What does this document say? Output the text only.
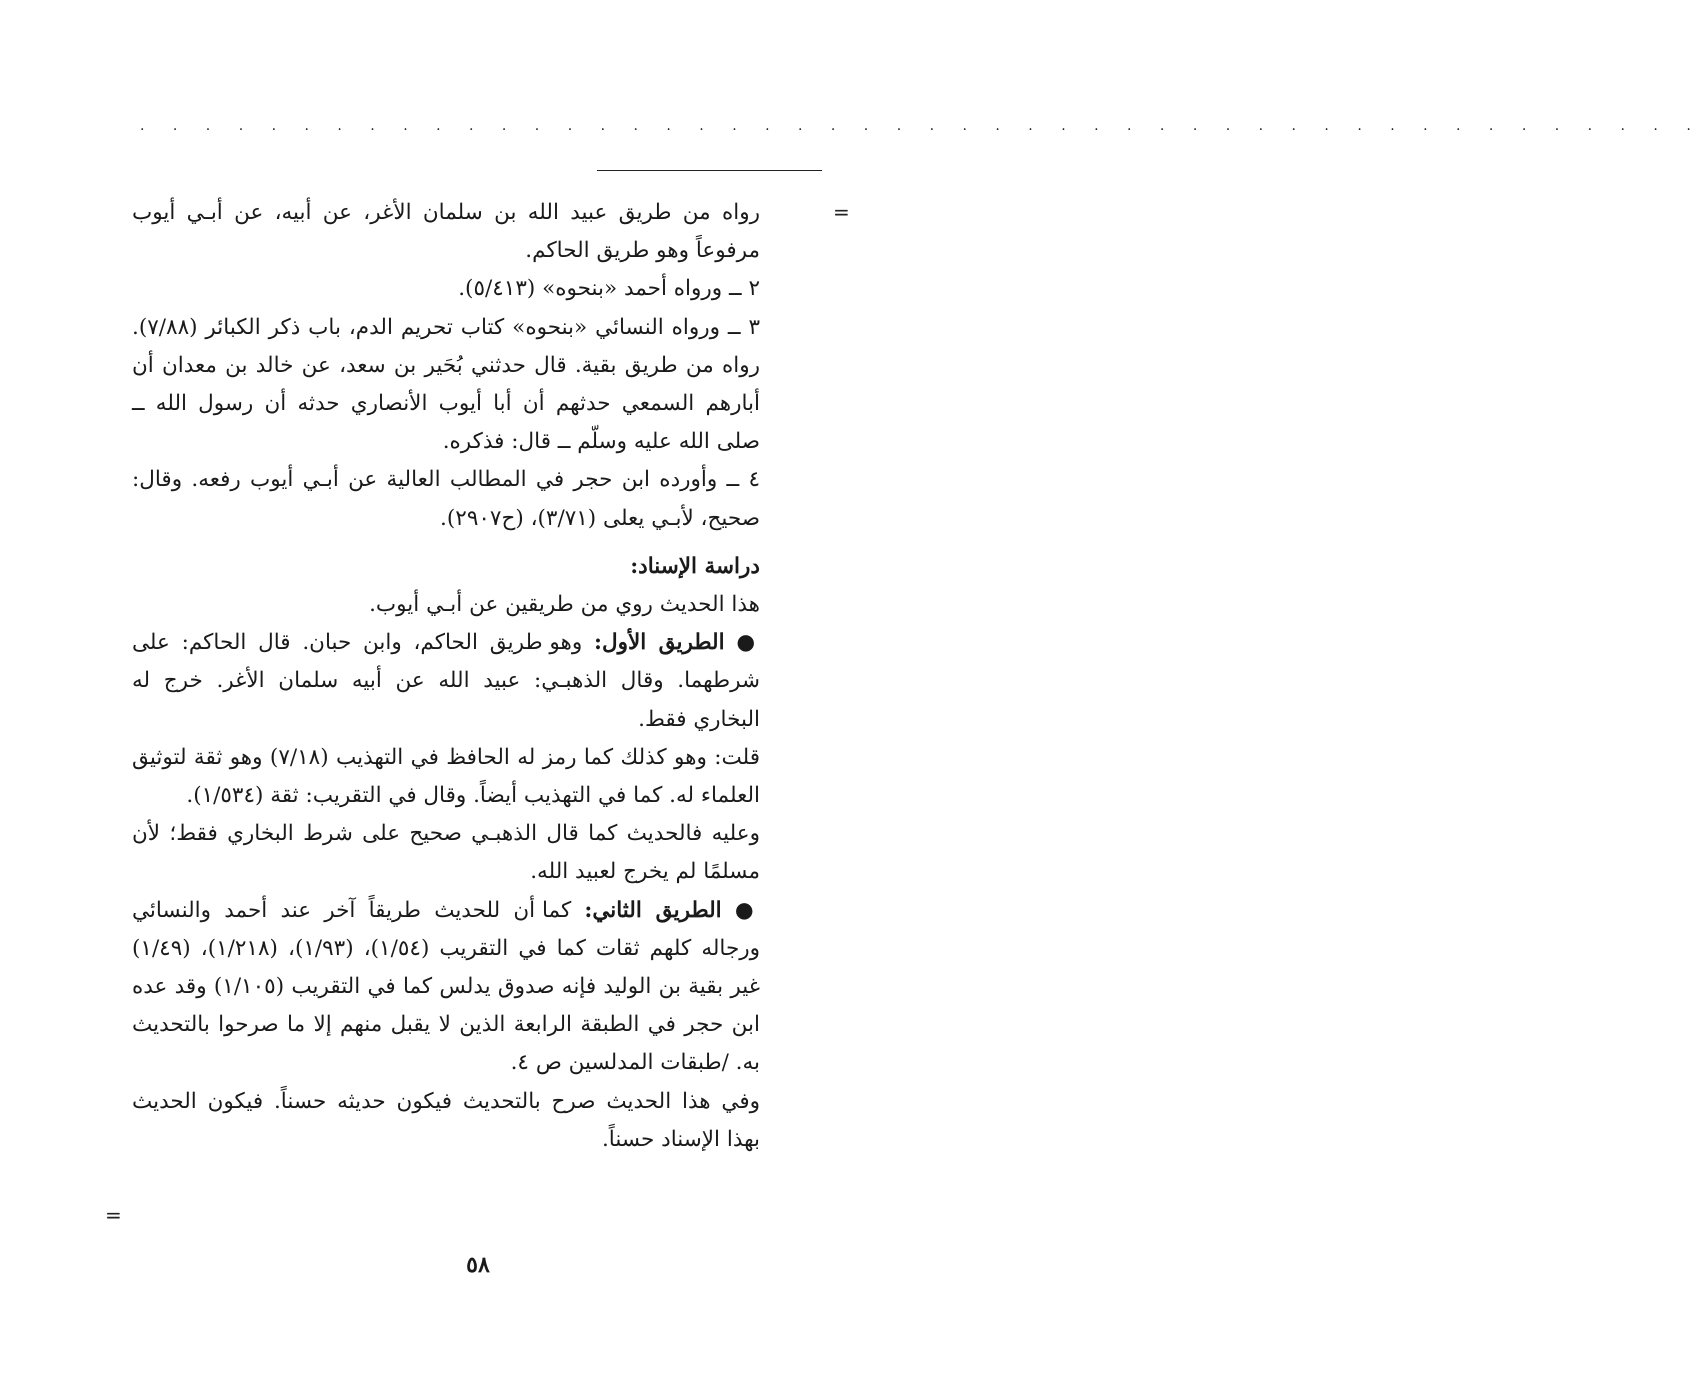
. . . . . . . . . . . . . . . . . . . . . . . . . . . . . . . . . . . . . . . . . . . . . . . .
=

رواه من طريق عبيد الله بن سلمان الأغر، عن أبيه، عن أبـي أيوب مرفوعاً وهو طريق الحاكم.

٢ ــ ورواه أحمد «بنحوه» (٥/٤١٣).

٣ ــ ورواه النسائي «بنحوه» كتاب تحريم الدم، باب ذكر الكبائر (٧/٨٨). رواه من طريق بقية. قال حدثني بُحَير بن سعد، عن خالد بن معدان أن أبارهم السمعي حدثهم أن أبا أيوب الأنصاري حدثه أن رسول الله ــ صلى الله عليه وسلّم ــ قال: فذكره.

٤ ــ وأورده ابن حجر في المطالب العالية عن أبـي أيوب رفعه. وقال: صحيح، لأبـي يعلى (٣/٧١)، (ح٢٩٠٧).

دراسة الإسناد:

هذا الحديث روي من طريقين عن أبـي أيوب.

● الطريق الأول: وهو طريق الحاكم، وابن حبان. قال الحاكم: على شرطهما. وقال الذهبـي: عبيد الله عن أبيه سلمان الأغر. خرج له البخاري فقط.

قلت: وهو كذلك كما رمز له الحافظ في التهذيب (٧/١٨) وهو ثقة لتوثيق العلماء له. كما في التهذيب أيضاً. وقال في التقريب: ثقة (١/٥٣٤).

وعليه فالحديث كما قال الذهبـي صحيح على شرط البخاري فقط؛ لأن مسلمًا لم يخرج لعبيد الله.

● الطريق الثاني: كما أن للحديث طريقاً آخر عند أحمد والنسائي ورجاله كلهم ثقات كما في التقريب (١/٥٤)، (١/٩٣)، (١/٢١٨)، (١/٤٩) غير بقية بن الوليد فإنه صدوق يدلس كما في التقريب (١/١٠٥) وقد عده ابن حجر في الطبقة الرابعة الذين لا يقبل منهم إلا ما صرحوا بالتحديث به. /طبقات المدلسين ص ٤.

وفي هذا الحديث صرح بالتحديث فيكون حديثه حسناً. فيكون الحديث بهذا الإسناد حسناً.

=
٥٨
